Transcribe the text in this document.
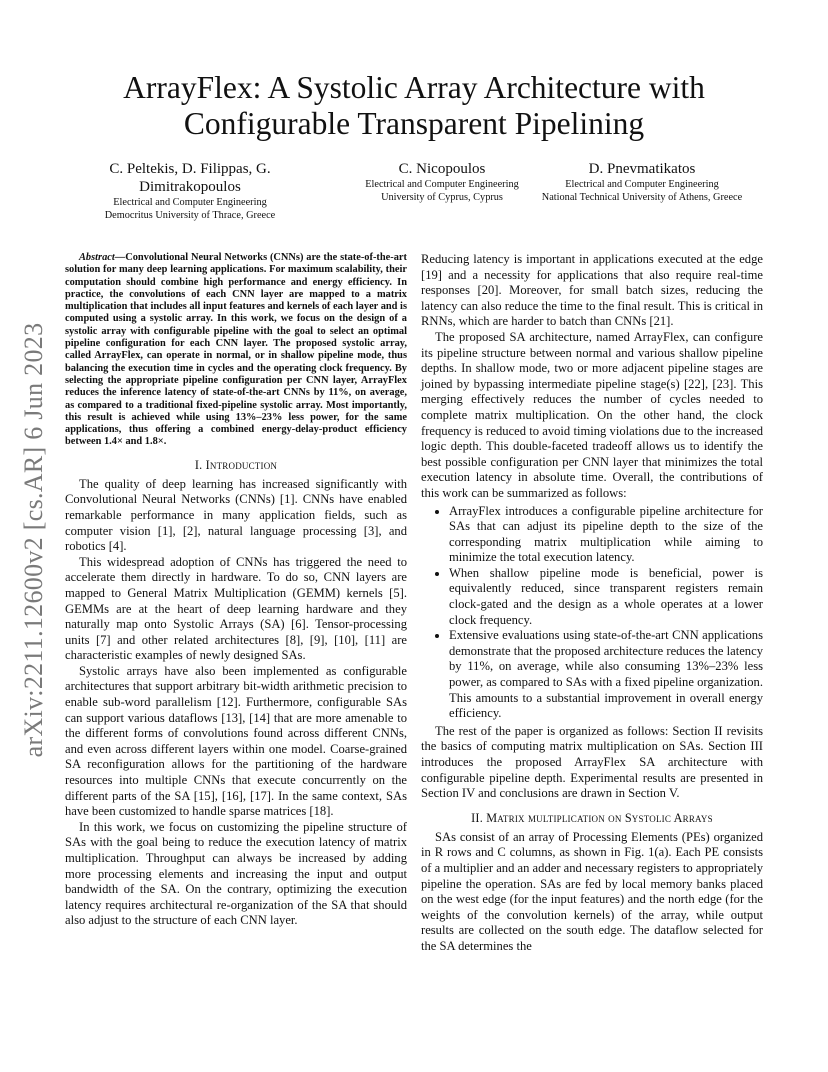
arXiv:2211.12600v2 [cs.AR] 6 Jun 2023
ArrayFlex: A Systolic Array Architecture with Configurable Transparent Pipelining
C. Peltekis, D. Filippas, G. Dimitrakopoulos
Electrical and Computer Engineering
Democritus University of Thrace, Greece
C. Nicopoulos
Electrical and Computer Engineering
University of Cyprus, Cyprus
D. Pnevmatikatos
Electrical and Computer Engineering
National Technical University of Athens, Greece

Abstract—Convolutional Neural Networks (CNNs) are the state-of-the-art solution for many deep learning applications. For maximum scalability, their computation should combine high performance and energy efficiency. In practice, the convolutions of each CNN layer are mapped to a matrix multiplication that includes all input features and kernels of each layer and is computed using a systolic array. In this work, we focus on the design of a systolic array with configurable pipeline with the goal to select an optimal pipeline configuration for each CNN layer. The proposed systolic array, called ArrayFlex, can operate in normal, or in shallow pipeline mode, thus balancing the execution time in cycles and the operating clock frequency. By selecting the appropriate pipeline configuration per CNN layer, ArrayFlex reduces the inference latency of state-of-the-art CNNs by 11%, on average, as compared to a traditional fixed-pipeline systolic array. Most importantly, this result is achieved while using 13%–23% less power, for the same applications, thus offering a combined energy-delay-product efficiency between 1.4× and 1.8×.

I. Introduction

The quality of deep learning has increased significantly with Convolutional Neural Networks (CNNs) [1]. CNNs have enabled remarkable performance in many application fields, such as computer vision [1], [2], natural language processing [3], and robotics [4].

This widespread adoption of CNNs has triggered the need to accelerate them directly in hardware. To do so, CNN layers are mapped to General Matrix Multiplication (GEMM) kernels [5]. GEMMs are at the heart of deep learning hardware and they naturally map onto Systolic Arrays (SA) [6]. Tensor-processing units [7] and other related architectures [8], [9], [10], [11] are characteristic examples of newly designed SAs.

Systolic arrays have also been implemented as configurable architectures that support arbitrary bit-width arithmetic precision to enable sub-word parallelism [12]. Furthermore, configurable SAs can support various dataflows [13], [14] that are more amenable to the different forms of convolutions found across different CNNs, and even across different layers within one model. Coarse-grained SA reconfiguration allows for the partitioning of the hardware resources into multiple CNNs that execute concurrently on the different parts of the SA [15], [16], [17]. In the same context, SAs have been customized to handle sparse matrices [18].

In this work, we focus on customizing the pipeline structure of SAs with the goal being to reduce the execution latency of matrix multiplication. Throughput can always be increased by adding more processing elements and increasing the input and output bandwidth of the SA. On the contrary, optimizing the execution latency requires architectural re-organization of the SA that should also adjust to the structure of each CNN layer.

Reducing latency is important in applications executed at the edge [19] and a necessity for applications that also require real-time responses [20]. Moreover, for small batch sizes, reducing the latency can also reduce the time to the final result. This is critical in RNNs, which are harder to batch than CNNs [21].

The proposed SA architecture, named ArrayFlex, can configure its pipeline structure between normal and various shallow pipeline depths. In shallow mode, two or more adjacent pipeline stages are joined by bypassing intermediate pipeline stage(s) [22], [23]. This merging effectively reduces the number of cycles needed to complete matrix multiplication. On the other hand, the clock frequency is reduced to avoid timing violations due to the increased logic depth. This double-faceted tradeoff allows us to identify the best possible configuration per CNN layer that minimizes the total execution latency in absolute time. Overall, the contributions of this work can be summarized as follows:

• ArrayFlex introduces a configurable pipeline architecture for SAs that can adjust its pipeline depth to the size of the corresponding matrix multiplication while aiming to minimize the total execution latency.
• When shallow pipeline mode is beneficial, power is equivalently reduced, since transparent registers remain clock-gated and the design as a whole operates at a lower clock frequency.
• Extensive evaluations using state-of-the-art CNN applications demonstrate that the proposed architecture reduces the latency by 11%, on average, while also consuming 13%–23% less power, as compared to SAs with a fixed pipeline organization. This amounts to a substantial improvement in overall energy efficiency.

The rest of the paper is organized as follows: Section II revisits the basics of computing matrix multiplication on SAs. Section III introduces the proposed ArrayFlex SA architecture with configurable pipeline depth. Experimental results are presented in Section IV and conclusions are drawn in Section V.

II. Matrix multiplication on Systolic Arrays

SAs consist of an array of Processing Elements (PEs) organized in R rows and C columns, as shown in Fig. 1(a). Each PE consists of a multiplier and an adder and necessary registers to appropriately pipeline the operation. SAs are fed by local memory banks placed on the west edge (for the input features) and the north edge (for the weights of the convolution kernels) of the array, while output results are collected on the south edge. The dataflow selected for the SA determines the
